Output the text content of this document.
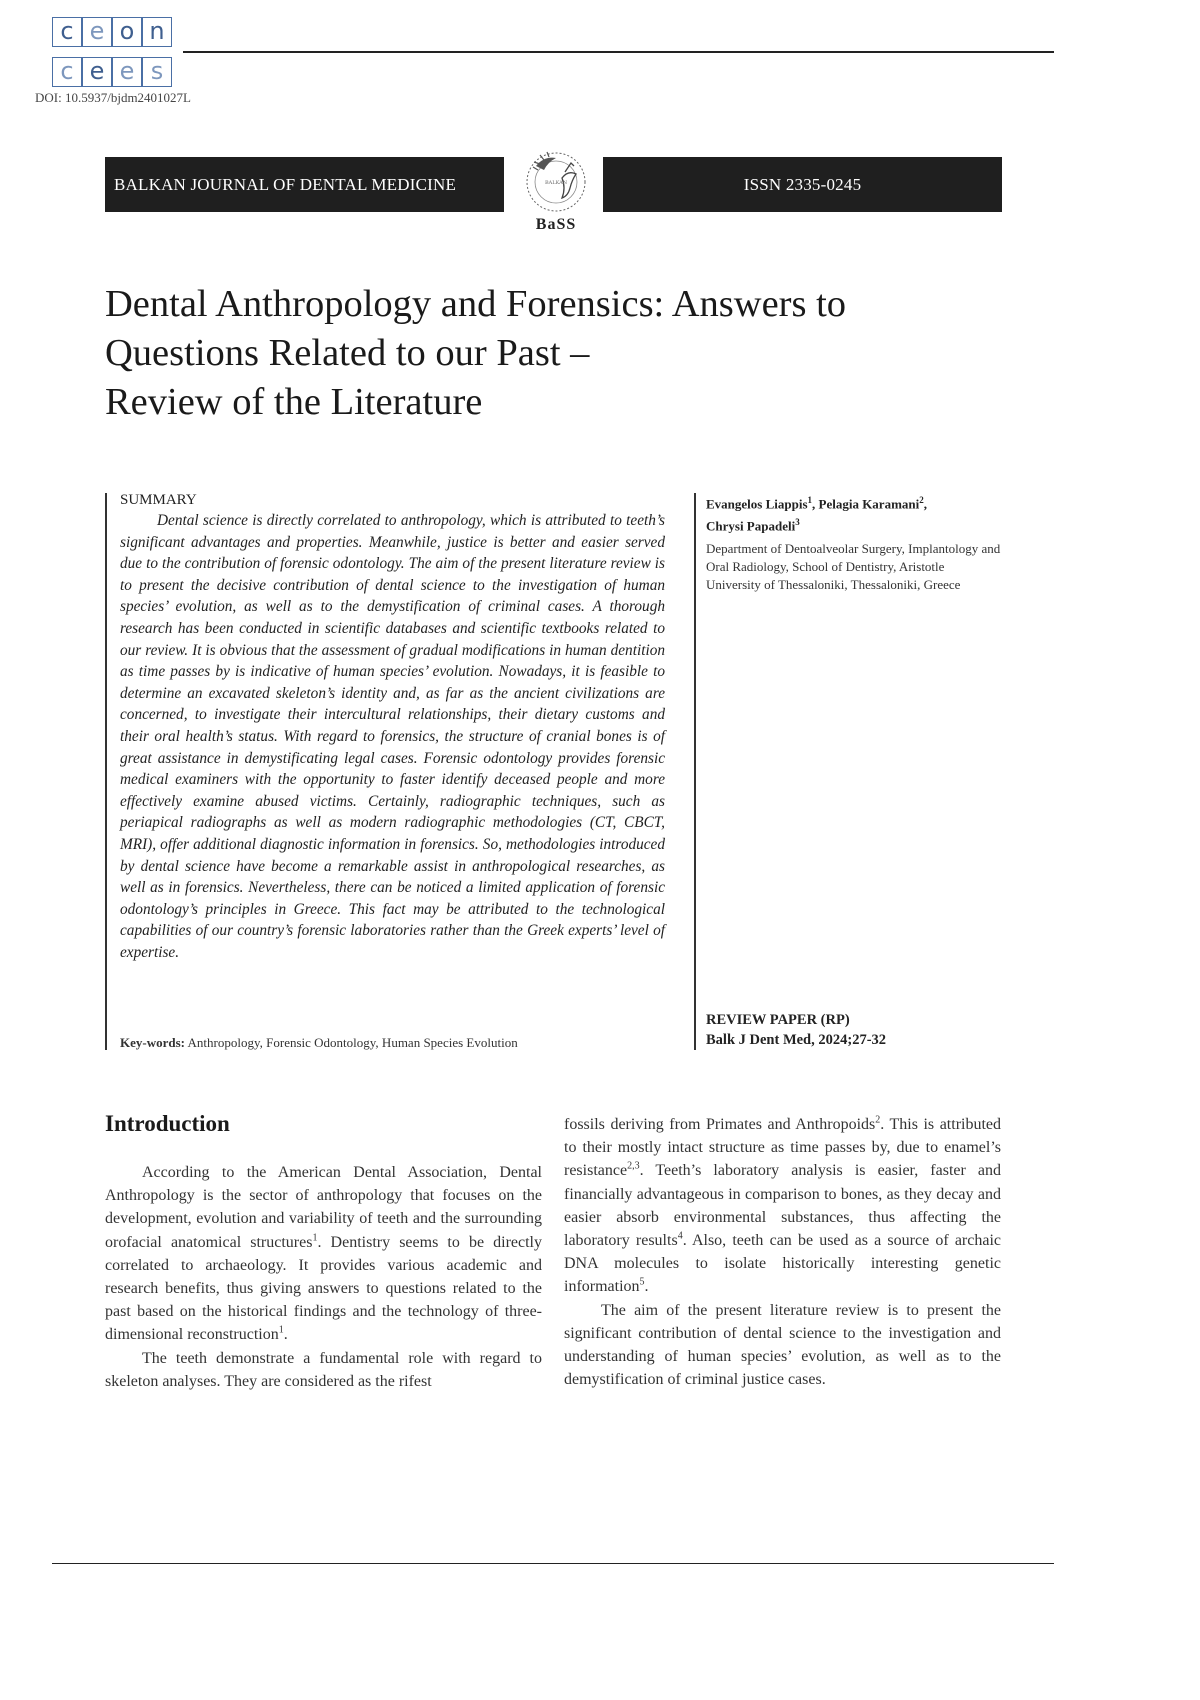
c e o n
c e e s
DOI: 10.5937/bjdm2401027L
BALKAN JOURNAL OF DENTAL MEDICINE	BALKAN
BaSS
ISSN 2335-0245
Dental Anthropology and Forensics: Answers to
Questions Related to our Past –
Review of the Literature
SUMMARY

Dental science is directly correlated to anthropology, which is attributed to teeth’s significant advantages and properties. Meanwhile, justice is better and easier served due to the contribution of forensic odontology. The aim of the present literature review is to present the decisive contribution of dental science to the investigation of human species’ evolution, as well as to the demystification of criminal cases. A thorough research has been conducted in scientific databases and scientific textbooks related to our review. It is obvious that the assessment of gradual modifications in human dentition as time passes by is indicative of human species’ evolution. Nowadays, it is feasible to determine an excavated skeleton’s identity and, as far as the ancient civilizations are concerned, to investigate their intercultural relationships, their dietary customs and their oral health’s status. With regard to forensics, the structure of cranial bones is of great assistance in demystificating legal cases. Forensic odontology provides forensic medical examiners with the opportunity to faster identify deceased people and more effectively examine abused victims. Certainly, radiographic techniques, such as periapical radiographs as well as modern radiographic methodologies (CT, CBCT, MRI), offer additional diagnostic information in forensics. So, methodologies introduced by dental science have become a remarkable assist in anthropological researches, as well as in forensics. Nevertheless, there can be noticed a limited application of forensic odontology’s principles in Greece. This fact may be attributed to the technological capabilities of our country’s forensic laboratories rather than the Greek experts’ level of expertise.

Key-words: Anthropology, Forensic Odontology, Human Species Evolution
Evangelos Liappis$^1$, Pelagia Karamani$^2$,
Chrysi Papadeli$^3$
Department of Dentoalveolar Surgery, Implantology and Oral Radiology, School of Dentistry, Aristotle University of Thessaloniki, Thessaloniki, Greece
REVIEW PAPER (RP)
Balk J Dent Med, 2024;27-32
Introduction

According to the American Dental Association, Dental Anthropology is the sector of anthropology that focuses on the development, evolution and variability of teeth and the surrounding orofacial anatomical structures$^1$. Dentistry seems to be directly correlated to archaeology. It provides various academic and research benefits, thus giving answers to questions related to the past based on the historical findings and the technology of three-dimensional reconstruction$^1$.

The teeth demonstrate a fundamental role with regard to skeleton analyses. They are considered as the rifest

fossils deriving from Primates and Anthropoids$^2$. This is attributed to their mostly intact structure as time passes by, due to enamel’s resistance$^{2,3}$. Teeth’s laboratory analysis is easier, faster and financially advantageous in comparison to bones, as they decay and easier absorb environmental substances, thus affecting the laboratory results$^4$. Also, teeth can be used as a source of archaic DNA molecules to isolate historically interesting genetic information$^5$.

The aim of the present literature review is to present the significant contribution of dental science to the investigation and understanding of human species’ evolution, as well as to the demystification of criminal justice cases.
